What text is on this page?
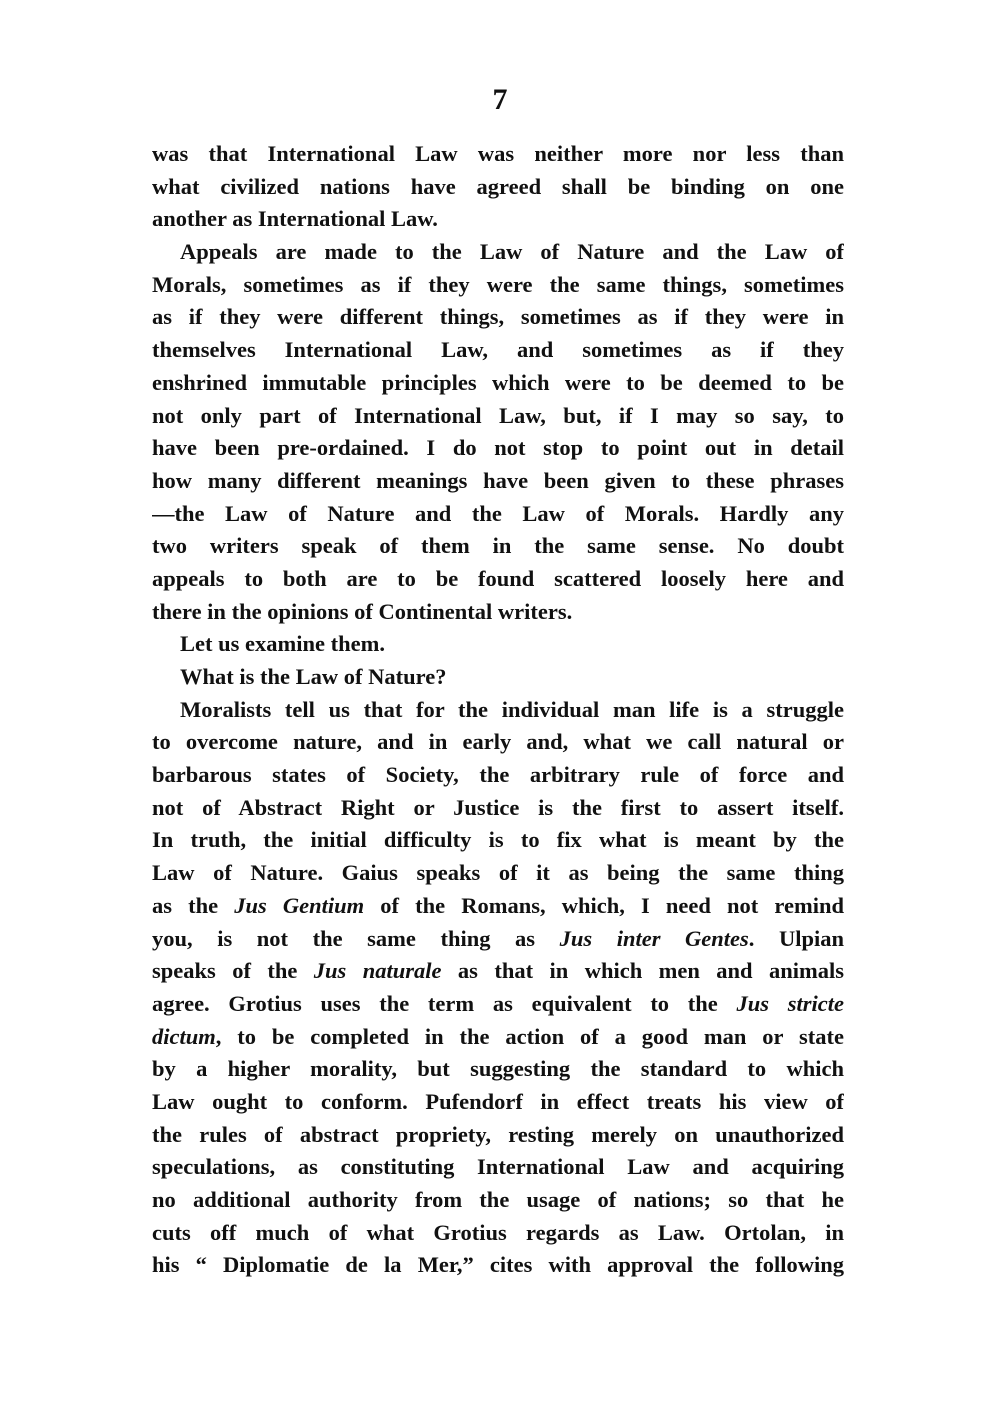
7
was that International Law was neither more nor less than
what civilized nations have agreed shall be binding on one
another as International Law.
Appeals are made to the Law of Nature and the Law of
Morals, sometimes as if they were the same things, sometimes
as if they were different things, sometimes as if they were in
themselves International Law, and sometimes as if they
enshrined immutable principles which were to be deemed to be
not only part of International Law, but, if I may so say, to
have been pre-ordained. I do not stop to point out in detail
how many different meanings have been given to these phrases
—the Law of Nature and the Law of Morals. Hardly any
two writers speak of them in the same sense. No doubt
appeals to both are to be found scattered loosely here and
there in the opinions of Continental writers.
Let us examine them.
What is the Law of Nature?
Moralists tell us that for the individual man life is a struggle
to overcome nature, and in early and, what we call natural or
barbarous states of Society, the arbitrary rule of force and
not of Abstract Right or Justice is the first to assert itself.
In truth, the initial difficulty is to fix what is meant by the
Law of Nature. Gaius speaks of it as being the same thing
as the Jus Gentium of the Romans, which, I need not remind
you, is not the same thing as Jus inter Gentes. Ulpian
speaks of the Jus naturale as that in which men and animals
agree. Grotius uses the term as equivalent to the Jus stricte
dictum, to be completed in the action of a good man or state
by a higher morality, but suggesting the standard to which
Law ought to conform. Pufendorf in effect treats his view of
the rules of abstract propriety, resting merely on unauthorized
speculations, as constituting International Law and acquiring
no additional authority from the usage of nations; so that he
cuts off much of what Grotius regards as Law. Ortolan, in
his “ Diplomatie de la Mer,” cites with approval the following
